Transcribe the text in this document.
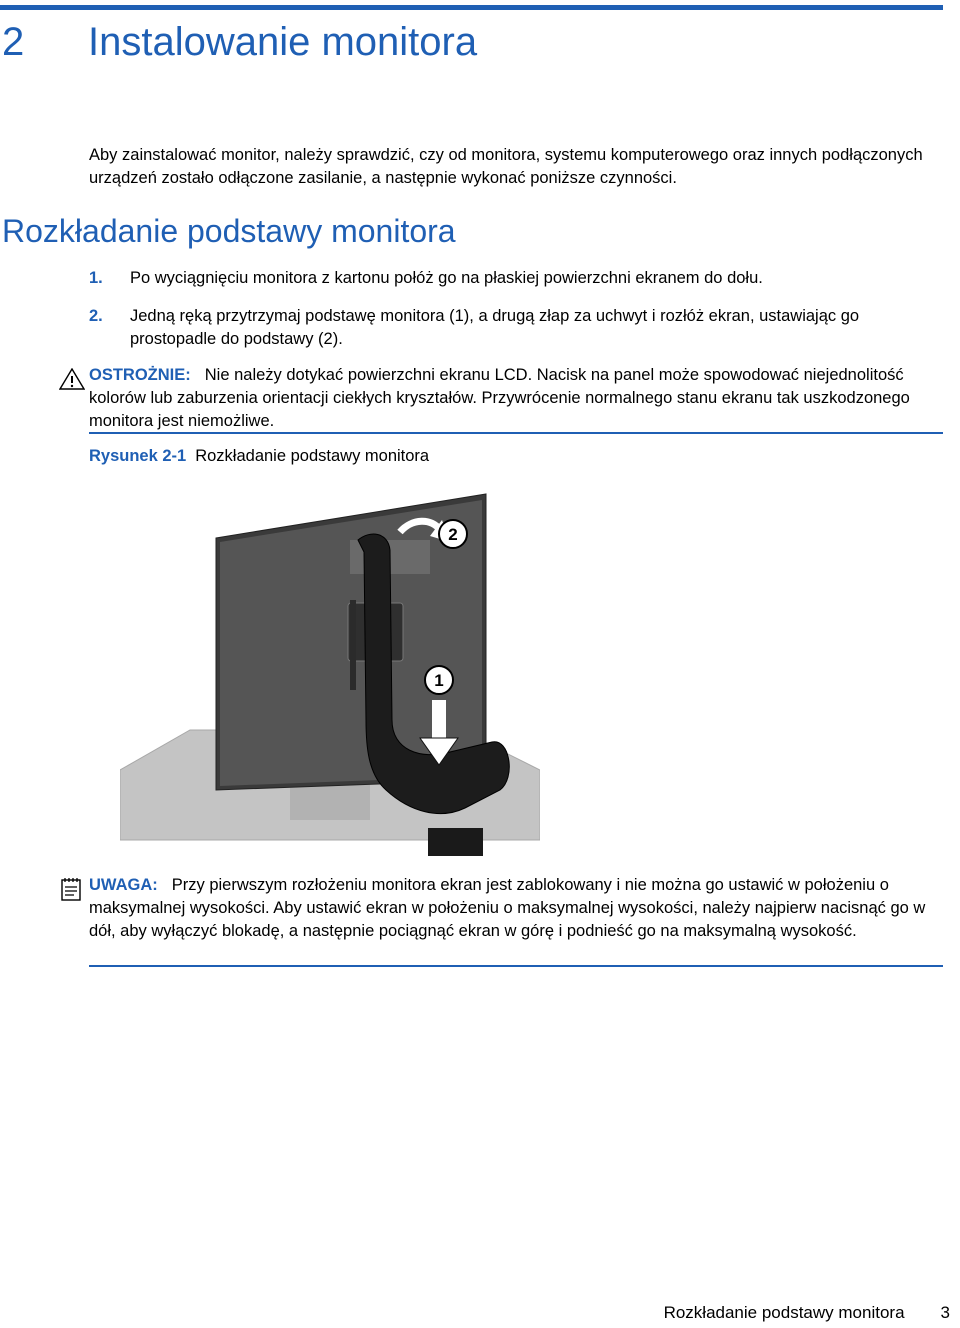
2 Instalowanie monitora
Aby zainstalować monitor, należy sprawdzić, czy od monitora, systemu komputerowego oraz innych podłączonych urządzeń zostało odłączone zasilanie, a następnie wykonać poniższe czynności.
Rozkładanie podstawy monitora
1. Po wyciągnięciu monitora z kartonu połóż go na płaskiej powierzchni ekranem do dołu.
2. Jedną ręką przytrzymaj podstawę monitora (1), a drugą złap za uchwyt i rozłóż ekran, ustawiając go prostopadle do podstawy (2).
OSTROŻNIE: Nie należy dotykać powierzchni ekranu LCD. Nacisk na panel może spowodować niejednolitość kolorów lub zaburzenia orientacji ciekłych kryształów. Przywrócenie normalnego stanu ekranu tak uszkodzonego monitora jest niemożliwe.
Rysunek 2-1 Rozkładanie podstawy monitora
2
1
UWAGA: Przy pierwszym rozłożeniu monitora ekran jest zablokowany i nie można go ustawić w położeniu o maksymalnej wysokości. Aby ustawić ekran w położeniu o maksymalnej wysokości, należy najpierw nacisnąć go w dół, aby wyłączyć blokadę, a następnie pociągnąć ekran w górę i podnieść go na maksymalną wysokość.
Rozkładanie podstawy monitora 3
